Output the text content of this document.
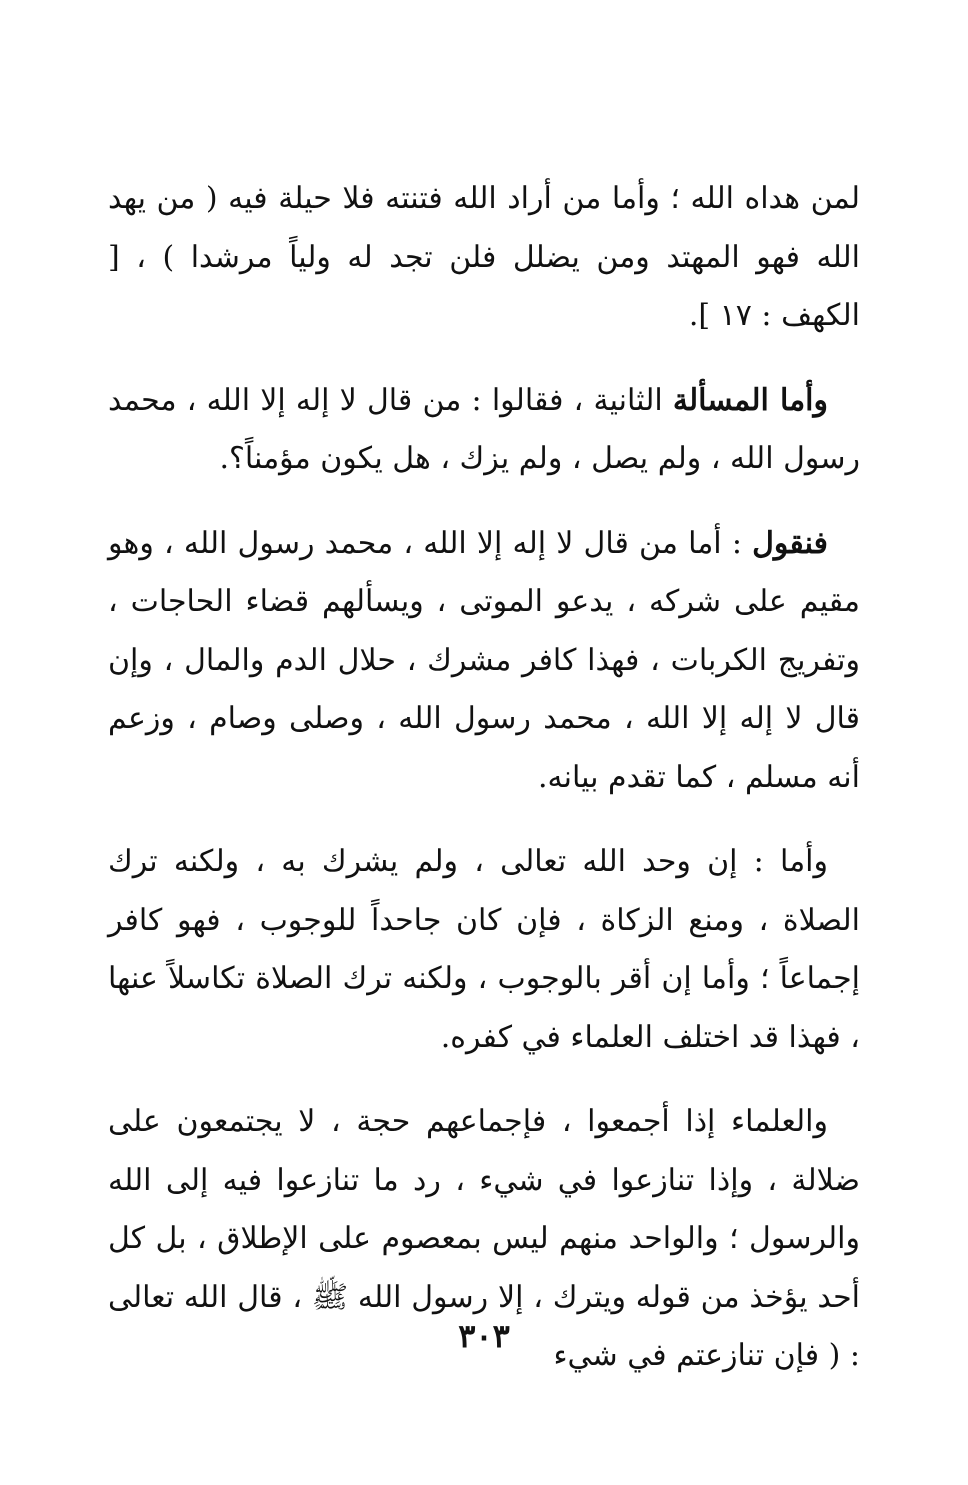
لمن هداه الله ؛ وأما من أراد الله فتنته فلا حيلة فيه ( من يهد الله فهو المهتد ومن يضلل فلن تجد له ولياً مرشدا ) ، [ الكهف : ١٧ ].

وأما المسألة الثانية ، فقالوا : من قال لا إله إلا الله ، محمد رسول الله ، ولم يصل ، ولم يزك ، هل يكون مؤمناً؟.

فنقول : أما من قال لا إله إلا الله ، محمد رسول الله ، وهو مقيم على شركه ، يدعو الموتى ، ويسألهم قضاء الحاجات ، وتفريج الكربات ، فهذا كافر مشرك ، حلال الدم والمال ، وإن قال لا إله إلا الله ، محمد رسول الله ، وصلى وصام ، وزعم أنه مسلم ، كما تقدم بيانه.

وأما : إن وحد الله تعالى ، ولم يشرك به ، ولكنه ترك الصلاة ، ومنع الزكاة ، فإن كان جاحداً للوجوب ، فهو كافر إجماعاً ؛ وأما إن أقر بالوجوب ، ولكنه ترك الصلاة تكاسلاً عنها ، فهذا قد اختلف العلماء في كفره.

والعلماء إذا أجمعوا ، فإجماعهم حجة ، لا يجتمعون على ضلالة ، وإذا تنازعوا في شيء ، رد ما تنازعوا فيه إلى الله والرسول ؛ والواحد منهم ليس بمعصوم على الإطلاق ، بل كل أحد يؤخذ من قوله ويترك ، إلا رسول الله ﷺ ، قال الله تعالى : ( فإن تنازعتم في شيء

٣٠٣
